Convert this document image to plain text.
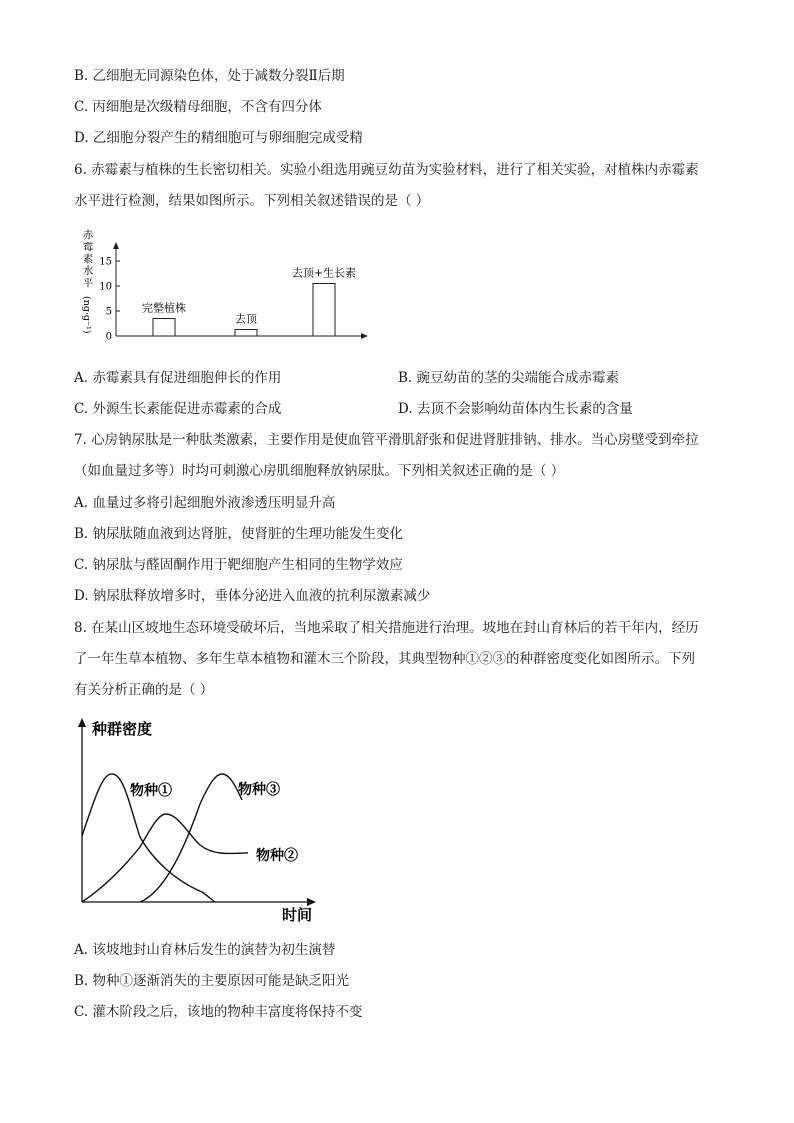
B. 乙细胞无同源染色体，处于减数分裂Ⅱ后期
C. 丙细胞是次级精母细胞，不含有四分体
D. 乙细胞分裂产生的精细胞可与卵细胞完成受精
6. 赤霉素与植株的生长密切相关。实验小组选用豌豆幼苗为实验材料，进行了相关实验，对植株内赤霉素
水平进行检测，结果如图所示。下列相关叙述错误的是（ ）
赤
霉
素
水
平
(ng·g⁻¹)
0
5
10
15
完整植株
去顶
去顶+生长素
A. 赤霉素具有促进细胞伸长的作用	B. 豌豆幼苗的茎的尖端能合成赤霉素
C. 外源生长素能促进赤霉素的合成	D. 去顶不会影响幼苗体内生长素的含量
7. 心房钠尿肽是一种肽类激素，主要作用是使血管平滑肌舒张和促进肾脏排钠、排水。当心房壁受到牵拉
（如血量过多等）时均可刺激心房肌细胞释放钠尿肽。下列相关叙述正确的是（ ）
A. 血量过多将引起细胞外液渗透压明显升高
B. 钠尿肽随血液到达肾脏，使肾脏的生理功能发生变化
C. 钠尿肽与醛固酮作用于靶细胞产生相同的生物学效应
D. 钠尿肽释放增多时，垂体分泌进入血液的抗利尿激素减少
8. 在某山区坡地生态环境受破坏后，当地采取了相关措施进行治理。坡地在封山育林后的若干年内，经历
了一年生草本植物、多年生草本植物和灌木三个阶段，其典型物种①②③的种群密度变化如图所示。下列
有关分析正确的是（ ）
种群密度
时间
物种①
物种②
物种③
A. 该坡地封山育林后发生的演替为初生演替
B. 物种①逐渐消失的主要原因可能是缺乏阳光
C. 灌木阶段之后，该地的物种丰富度将保持不变
